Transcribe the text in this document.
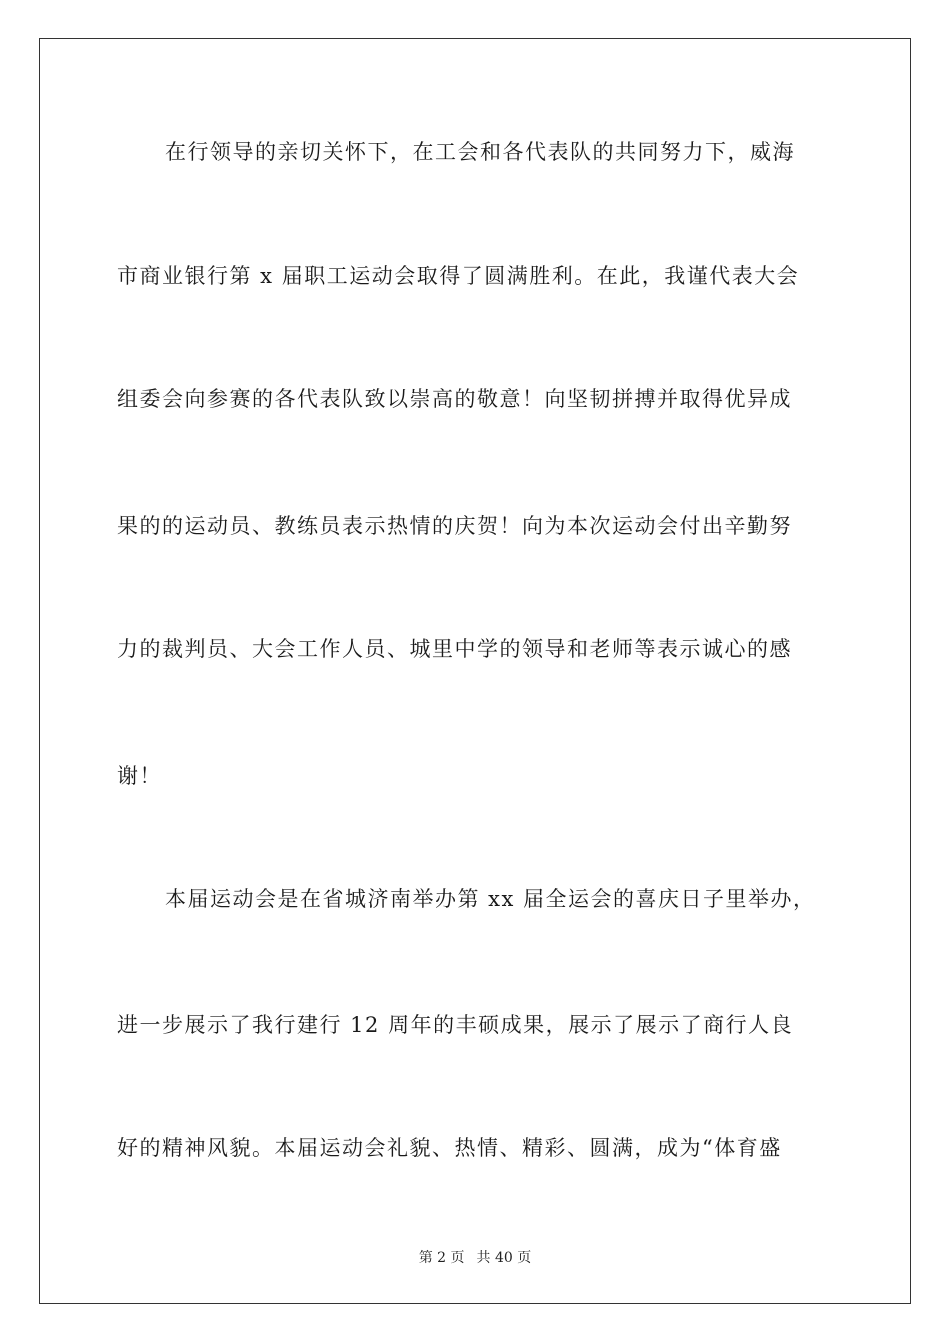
在行领导的亲切关怀下，在工会和各代表队的共同努力下，威海
市商业银行第 x 届职工运动会取得了圆满胜利。在此，我谨代表大会
组委会向参赛的各代表队致以崇高的敬意！向坚韧拼搏并取得优异成
果的的运动员、教练员表示热情的庆贺！向为本次运动会付出辛勤努
力的裁判员、大会工作人员、城里中学的领导和老师等表示诚心的感
谢！
本届运动会是在省城济南举办第 xx 届全运会的喜庆日子里举办，
进一步展示了我行建行 12 周年的丰硕成果，展示了展示了商行人良
好的精神风貌。本届运动会礼貌、热情、精彩、圆满，成为“体育盛
第 2 页 共 40 页
